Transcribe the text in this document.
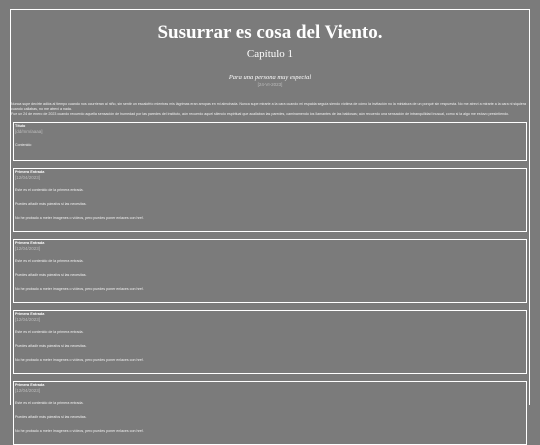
Susurrar es cosa del Viento.
Capítulo 1
Para una persona muy especial
[24-VI-2023]

Nunca supe decirte adiós al tiempo cuando nos ocurrieran al niño, sin sentir un escalofrío mientras mis lágrimas eran arropas en mi almohada. Nunca supe mirarte a la cara cuando mi espalda seguía siendo víctima de cómo la invitación no la miniatura de un porqué sin respuesta. No me atreví a mirarte a la cara ni siquiera cuando callabas, no me atreví a nada.

Fue un 24 de enero de 2023 cuando recuerdo aquella sensación de humedad por las paredes del instituto, aún recuerdo aquel silencio espiritual que acallaban las paredes, caminamendo los llamantes de las baldosas; aún recuerdo una sensación de intranquilidad inusual, como si la algo me estuvo presintiendo.

Título
[dd/mm/aaaa]
Contenido
Primera Entrada
[12/04/2023]
Este es el contenido de la primera entrada.
Puedes añadir más párrafos si las necesitas.
No he probado a meter imagenes o vídeos, pero puedes poner enlaces con href.
Primera Entrada
[12/04/2023]
Este es el contenido de la primera entrada.
Puedes añadir más párrafos si las necesitas.
No he probado a meter imagenes o vídeos, pero puedes poner enlaces con href.
Primera Entrada
[12/04/2023]
Este es el contenido de la primera entrada.
Puedes añadir más párrafos si las necesitas.
No he probado a meter imagenes o vídeos, pero puedes poner enlaces con href.
Primera Entrada
[12/04/2023]
Este es el contenido de la primera entrada.
Puedes añadir más párrafos si las necesitas.
No he probado a meter imagenes o vídeos, pero puedes poner enlaces con href.
